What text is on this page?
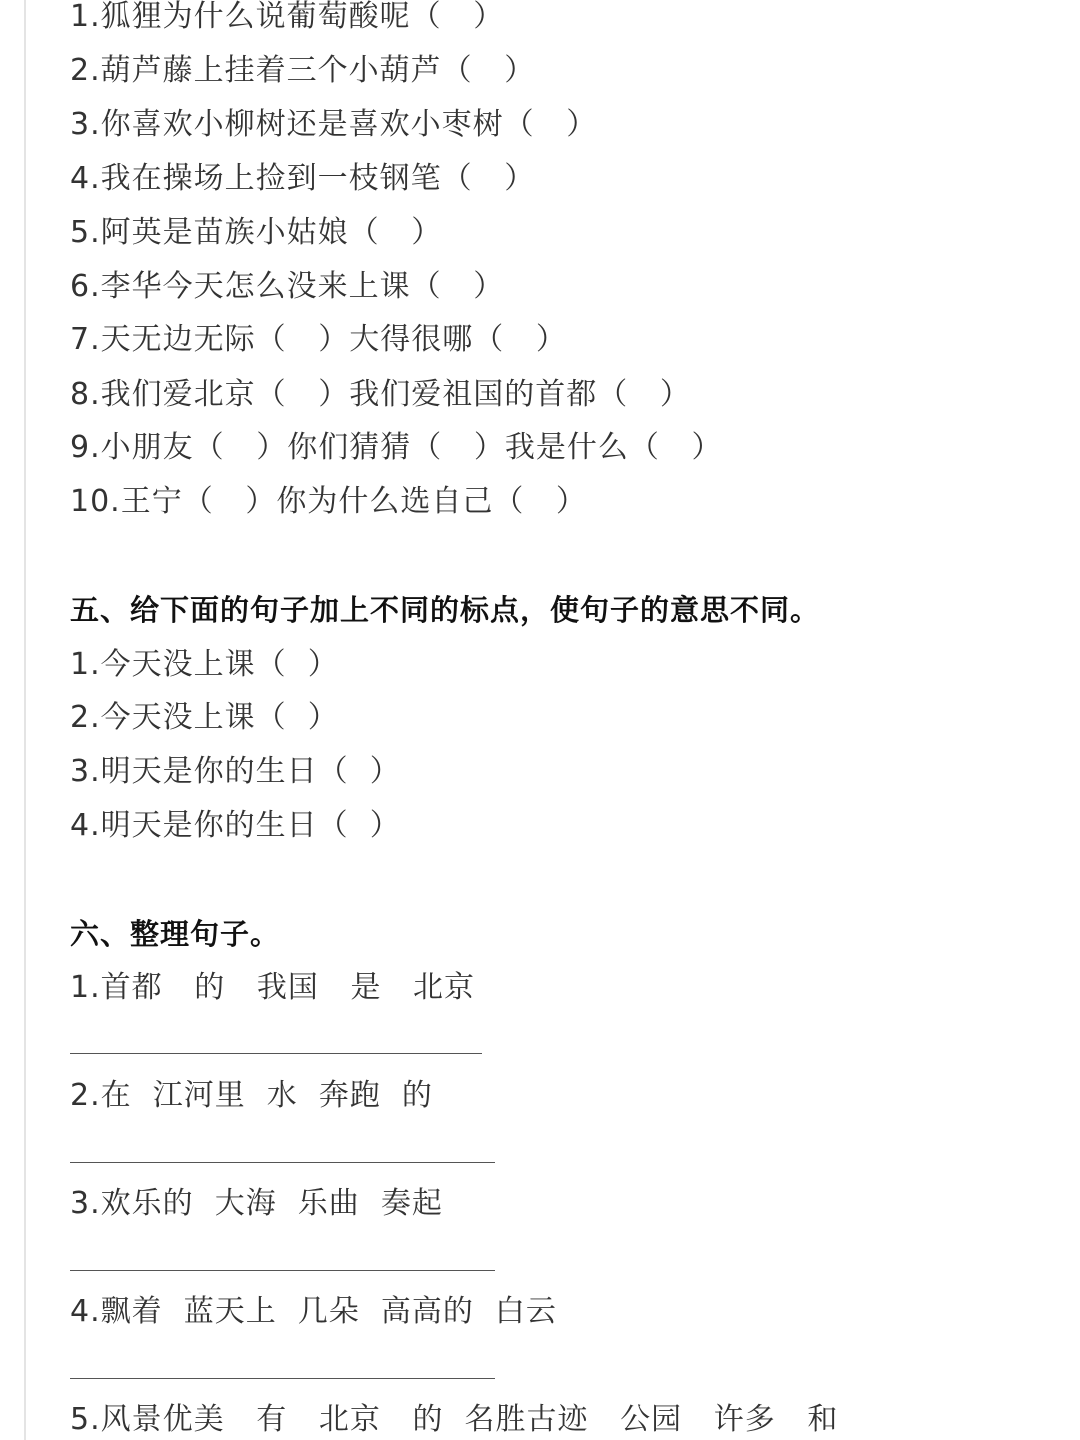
1.狐狸为什么说葡萄酸呢（   ）
2.葫芦藤上挂着三个小葫芦（   ）
3.你喜欢小柳树还是喜欢小枣树（   ）
4.我在操场上捡到一枝钢笔（   ）
5.阿英是苗族小姑娘（   ）
6.李华今天怎么没来上课（   ）
7.天无边无际（   ）大得很哪（   ）
8.我们爱北京（   ）我们爱祖国的首都（   ）
9.小朋友（   ）你们猜猜（   ）我是什么（   ）
10.王宁（   ）你为什么选自己（   ）
五、给下面的句子加上不同的标点，使句子的意思不同。
1.今天没上课（  ）
2.今天没上课（  ）
3.明天是你的生日（  ）
4.明天是你的生日（  ）
六、整理句子。
1.首都   的   我国   是   北京
2.在  江河里  水  奔跑  的
3.欢乐的  大海  乐曲  奏起
4.飘着  蓝天上  几朵  高高的  白云
5.风景优美   有   北京   的  名胜古迹   公园   许多   和
